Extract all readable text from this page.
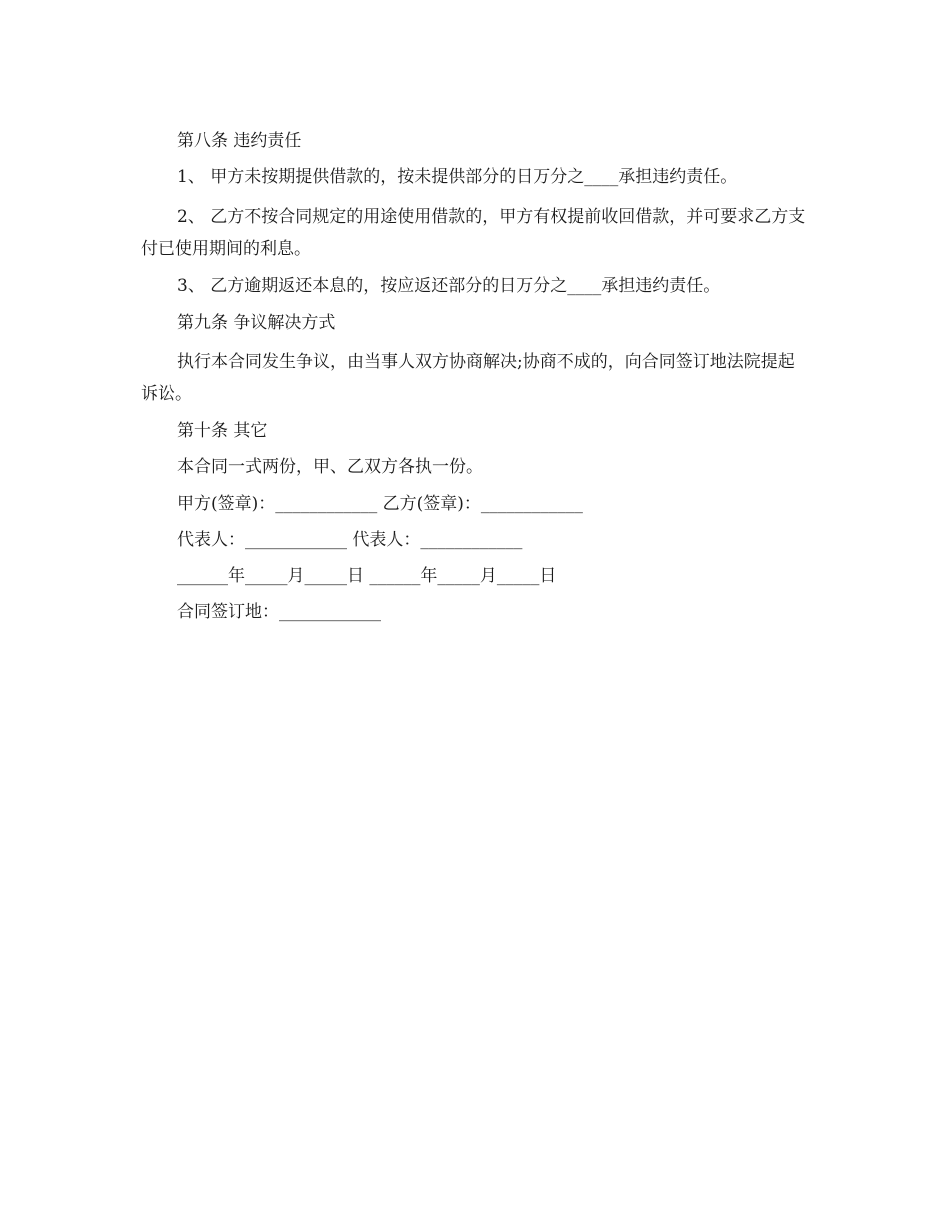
第八条 违约责任

1、 甲方未按期提供借款的，按未提供部分的日万分之____承担违约责任。

2、 乙方不按合同规定的用途使用借款的，甲方有权提前收回借款，并可要求乙方支付已使用期间的利息。

3、 乙方逾期返还本息的，按应返还部分的日万分之____承担违约责任。

第九条 争议解决方式

执行本合同发生争议，由当事人双方协商解决;协商不成的，向合同签订地法院提起诉讼。

第十条 其它

本合同一式两份，甲、乙双方各执一份。

甲方(签章)：____________ 乙方(签章)：____________

代表人：____________ 代表人：____________

______年_____月_____日 ______年_____月_____日

合同签订地：____________
